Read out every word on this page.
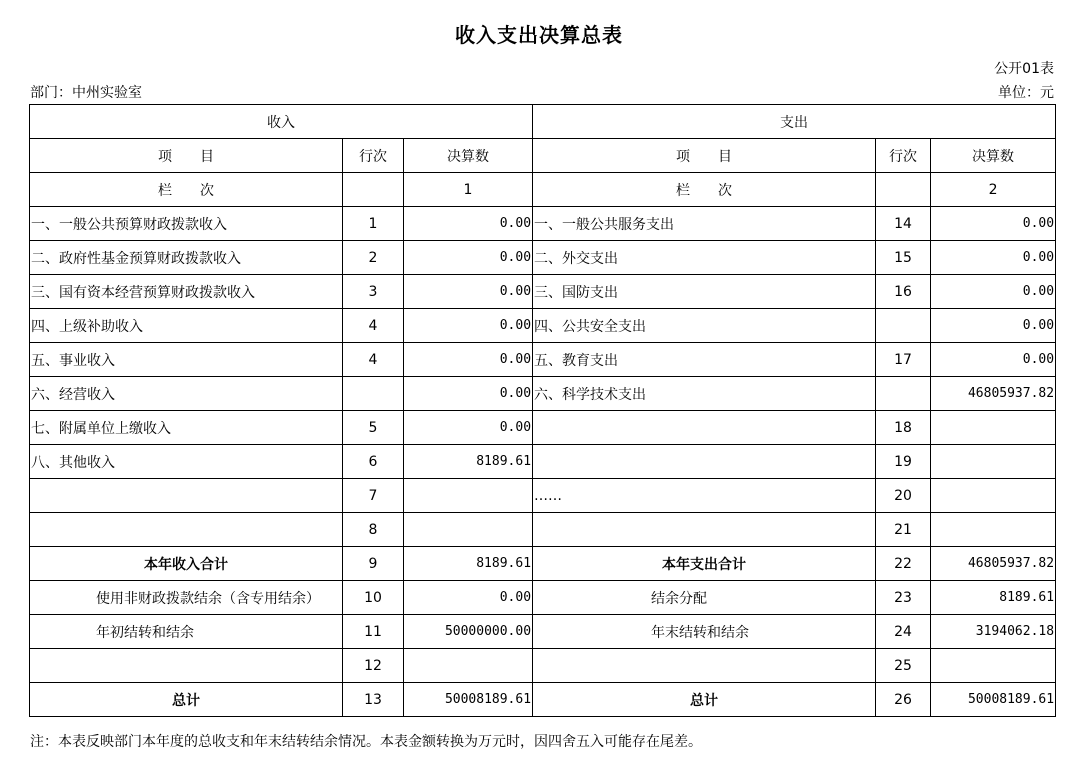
收入支出决算总表
公开01表
部门：中州实验室	单位：元
收入			支出		
项　　目	行次	决算数	项　　目	行次	决算数
栏　　次		1	栏　　次		2
一、一般公共预算财政拨款收入	1	0.00	一、一般公共服务支出	14	0.00
二、政府性基金预算财政拨款收入	2	0.00	二、外交支出	15	0.00
三、国有资本经营预算财政拨款收入	3	0.00	三、国防支出	16	0.00
四、上级补助收入	4	0.00	四、公共安全支出		0.00
五、事业收入	4	0.00	五、教育支出	17	0.00
六、经营收入		0.00	六、科学技术支出		46805937.82
七、附属单位上缴收入	5	0.00		18	
八、其他收入	6	8189.61		19	
	7		……	20	
	8			21	
本年收入合计	9	8189.61	本年支出合计	22	46805937.82
使用非财政拨款结余（含专用结余）	10	0.00	结余分配	23	8189.61
年初结转和结余	11	50000000.00	年末结转和结余	24	3194062.18
	12			25	
总计	13	50008189.61	总计	26	50008189.61
注：本表反映部门本年度的总收支和年末结转结余情况。本表金额转换为万元时，因四舍五入可能存在尾差。
